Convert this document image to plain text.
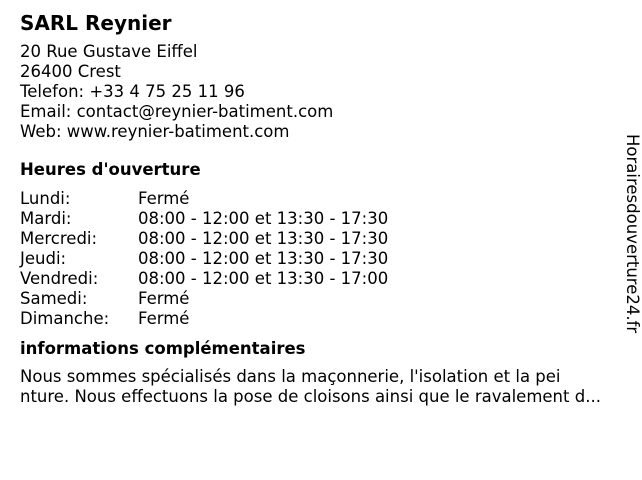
SARL Reynier
20 Rue Gustave Eiffel
26400 Crest
Telefon: +33 4 75 25 11 96
Email: contact@reynier-batiment.com
Web: www.reynier-batiment.com
Heures d'ouverture
Lundi:	Fermé
Mardi:	08:00 - 12:00 et 13:30 - 17:30
Mercredi: 08:00 - 12:00 et 13:30 - 17:30
Jeudi:	08:00 - 12:00 et 13:30 - 17:30
Vendredi: 08:00 - 12:00 et 13:30 - 17:00
Samedi:	Fermé
Dimanche: Fermé
informations complémentaires
Nous sommes spécialisés dans la maçonnerie, l'isolation et la pei
nture. Nous effectuons la pose de cloisons ainsi que le ravalement d...
Horairesdouverture24.fr
